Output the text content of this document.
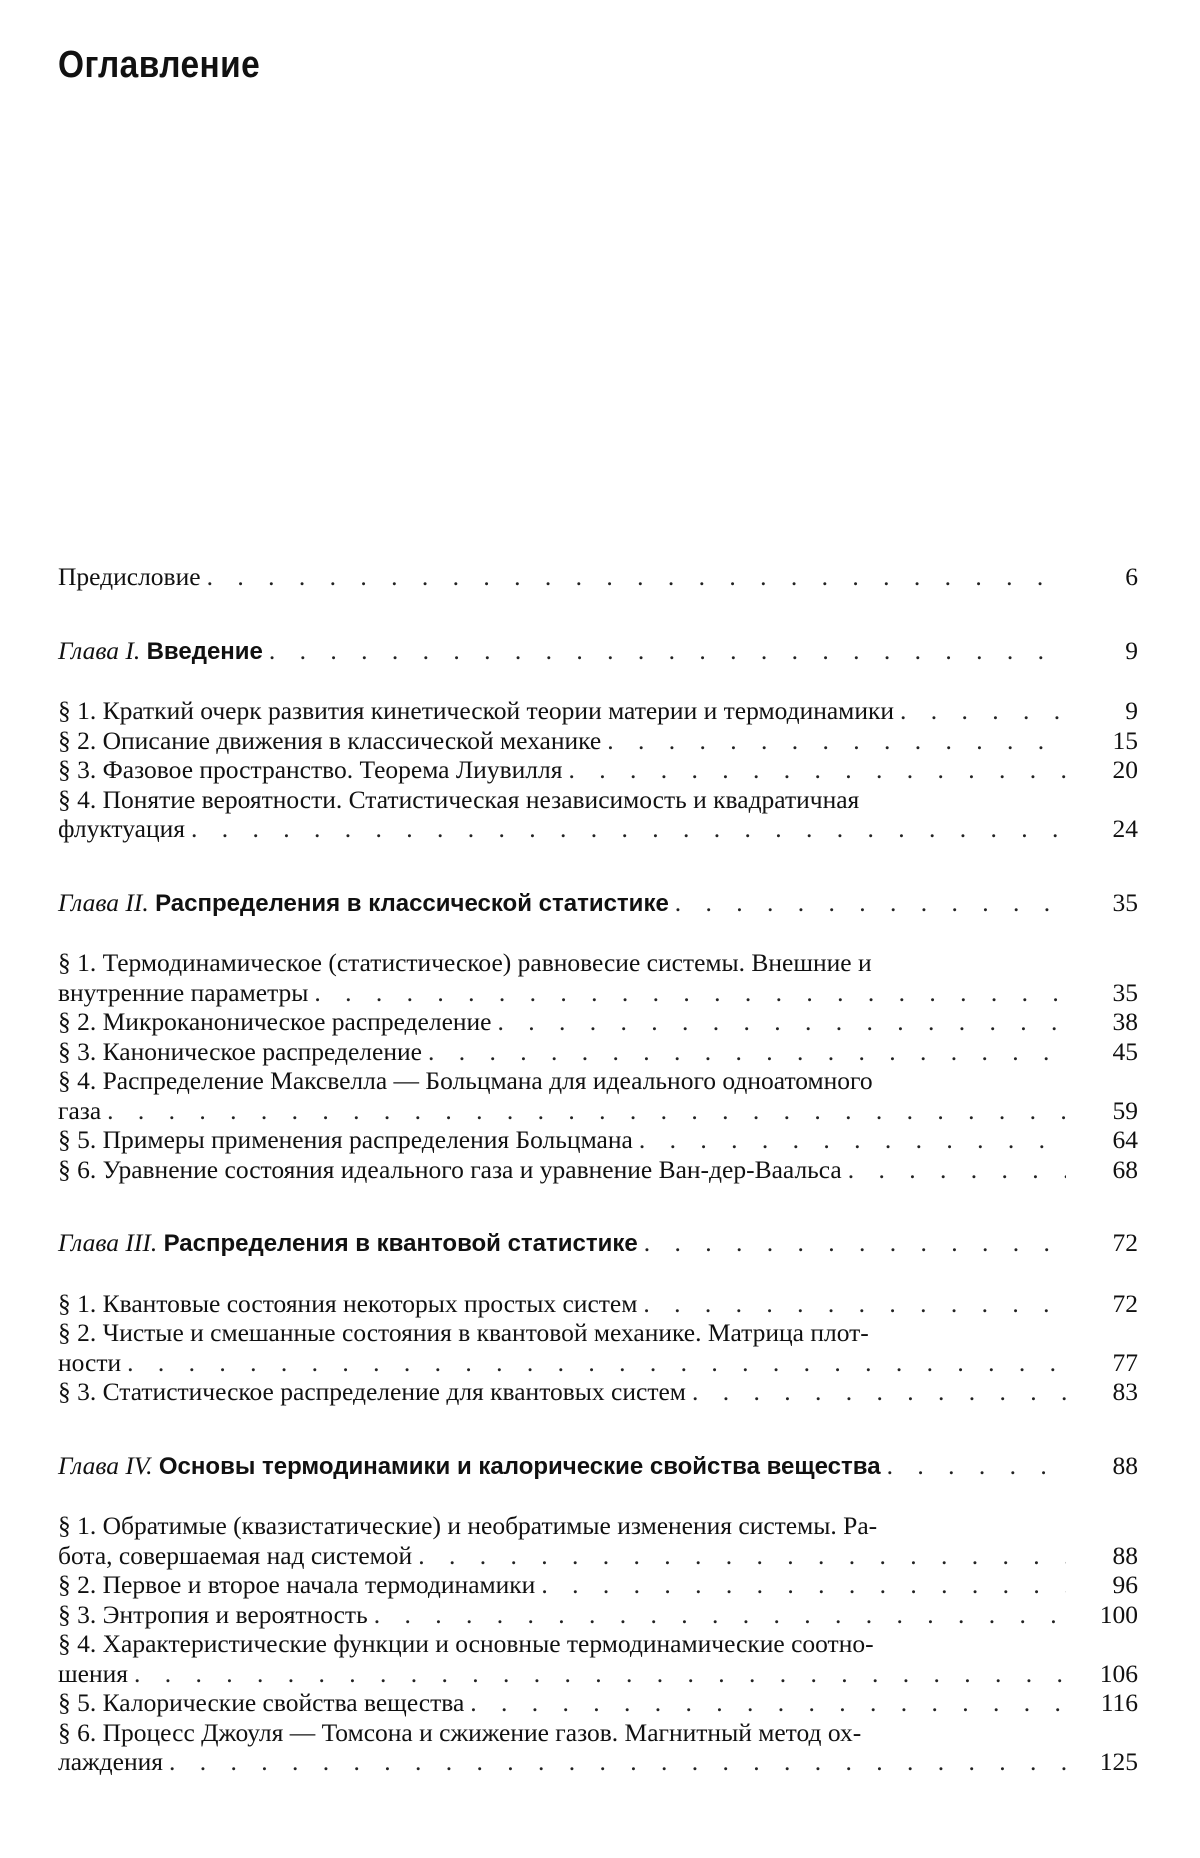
Оглавление
Предисловие . . .	6
Глава I. Введение . . .	9
§ 1. Краткий очерк развития кинетической теории материи и термодинамики . . .	9
§ 2. Описание движения в классической механике . . .	15
§ 3. Фазовое пространство. Теорема Лиувилля . . .	20
§ 4. Понятие вероятности. Статистическая независимость и квадратичная
флуктуация . . .	24
Глава II. Распределения в классической статистике . . .	35
§ 1. Термодинамическое (статистическое) равновесие системы. Внешние и
внутренние параметры . . .	35
§ 2. Микроканоническое распределение . . .	38
§ 3. Каноническое распределение . . .	45
§ 4. Распределение Максвелла — Больцмана для идеального одноатомного
газа . . .	59
§ 5. Примеры применения распределения Больцмана . . .	64
§ 6. Уравнение состояния идеального газа и уравнение Ван-дер-Ваальса . . .	68
Глава III. Распределения в квантовой статистике . . .	72
§ 1. Квантовые состояния некоторых простых систем . . .	72
§ 2. Чистые и смешанные состояния в квантовой механике. Матрица плот-
ности . . .	77
§ 3. Статистическое распределение для квантовых систем . . .	83
Глава IV. Основы термодинамики и калорические свойства вещества . . .	88
§ 1. Обратимые (квазистатические) и необратимые изменения системы. Ра-
бота, совершаемая над системой . . .	88
§ 2. Первое и второе начала термодинамики . . .	96
§ 3. Энтропия и вероятность . . .	100
§ 4. Характеристические функции и основные термодинамические соотно-
шения . . .	106
§ 5. Калорические свойства вещества . . .	116
§ 6. Процесс Джоуля — Томсона и сжижение газов. Магнитный метод ох-
лаждения . . .	125
